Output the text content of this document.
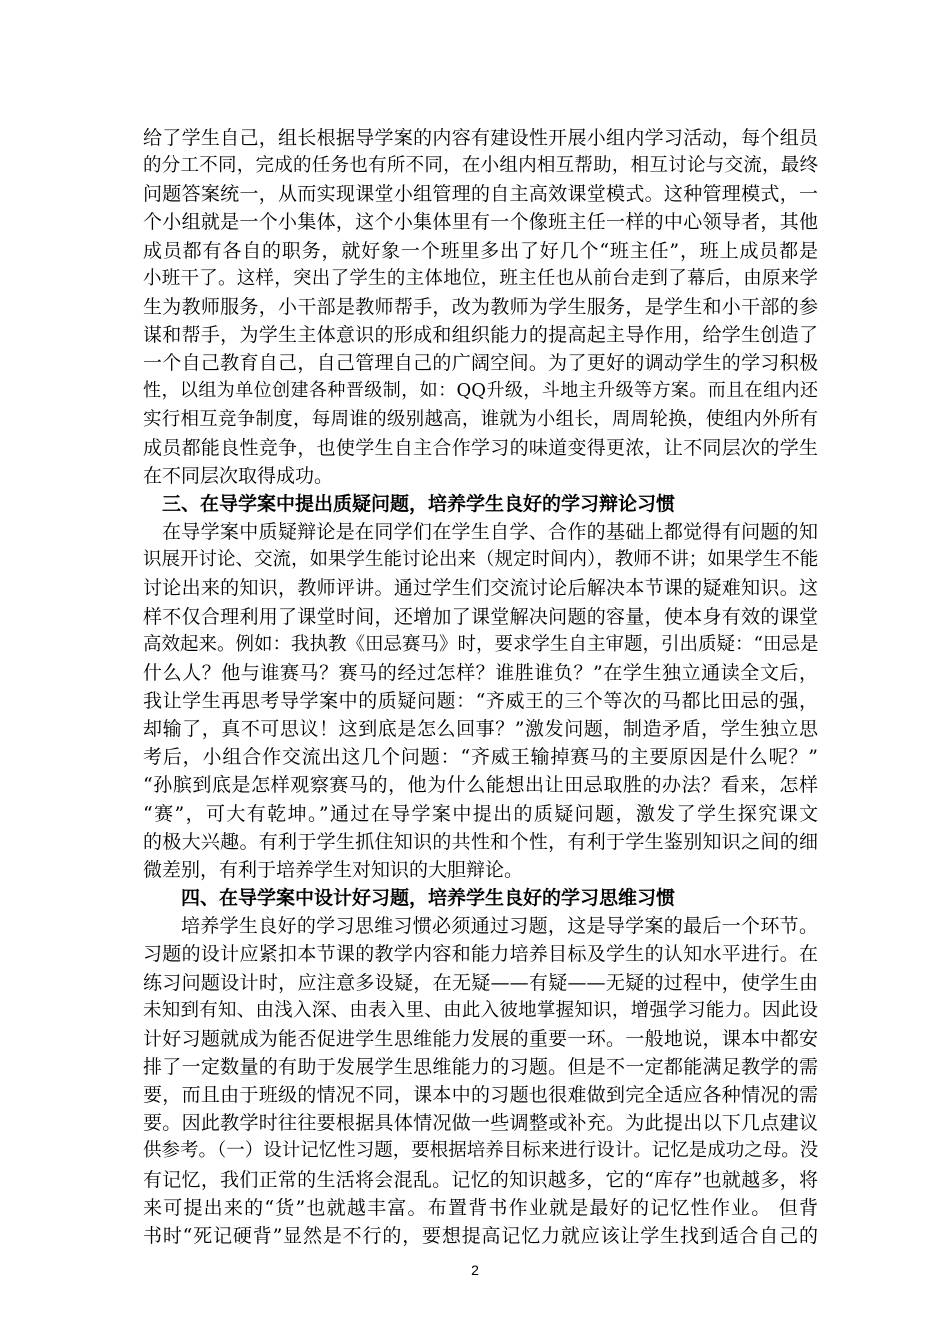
给了学生自己，组长根据导学案的内容有建设性开展小组内学习活动，每个组员
的分工不同，完成的任务也有所不同，在小组内相互帮助，相互讨论与交流，最终
问题答案统一，从而实现课堂小组管理的自主高效课堂模式。这种管理模式，一
个小组就是一个小集体，这个小集体里有一个像班主任一样的中心领导者，其他
成员都有各自的职务，就好象一个班里多出了好几个“班主任”，班上成员都是
小班干了。这样，突出了学生的主体地位，班主任也从前台走到了幕后，由原来学
生为教师服务，小干部是教师帮手，改为教师为学生服务，是学生和小干部的参
谋和帮手，为学生主体意识的形成和组织能力的提高起主导作用，给学生创造了
一个自己教育自己，自己管理自己的广阔空间。为了更好的调动学生的学习积极
性，以组为单位创建各种晋级制，如：QQ升级，斗地主升级等方案。而且在组内还
实行相互竞争制度，每周谁的级别越高，谁就为小组长，周周轮换，使组内外所有
成员都能良性竞争，也使学生自主合作学习的味道变得更浓，让不同层次的学生
在不同层次取得成功。
三、在导学案中提出质疑问题，培养学生良好的学习辩论习惯
在导学案中质疑辩论是在同学们在学生自学、合作的基础上都觉得有问题的知
识展开讨论、交流，如果学生能讨论出来（规定时间内），教师不讲；如果学生不能
讨论出来的知识，教师评讲。通过学生们交流讨论后解决本节课的疑难知识。这
样不仅合理利用了课堂时间，还增加了课堂解决问题的容量，使本身有效的课堂
高效起来。例如：我执教《田忌赛马》时，要求学生自主审题，引出质疑：“田忌是
什么人？他与谁赛马？赛马的经过怎样？谁胜谁负？”在学生独立通读全文后，
我让学生再思考导学案中的质疑问题：“齐威王的三个等次的马都比田忌的强，
却输了，真不可思议！这到底是怎么回事？”激发问题，制造矛盾，学生独立思
考后，小组合作交流出这几个问题：“齐威王输掉赛马的主要原因是什么呢？”
“孙膑到底是怎样观察赛马的，他为什么能想出让田忌取胜的办法？看来，怎样
“赛”，可大有乾坤。”通过在导学案中提出的质疑问题，激发了学生探究课文
的极大兴趣。有利于学生抓住知识的共性和个性，有利于学生鉴别知识之间的细
微差别，有利于培养学生对知识的大胆辩论。
四、在导学案中设计好习题，培养学生良好的学习思维习惯
培养学生良好的学习思维习惯必须通过习题，这是导学案的最后一个环节。
习题的设计应紧扣本节课的教学内容和能力培养目标及学生的认知水平进行。在
练习问题设计时，应注意多设疑，在无疑——有疑——无疑的过程中，使学生由
未知到有知、由浅入深、由表入里、由此入彼地掌握知识，增强学习能力。因此设
计好习题就成为能否促进学生思维能力发展的重要一环。一般地说，课本中都安
排了一定数量的有助于发展学生思维能力的习题。但是不一定都能满足教学的需
要，而且由于班级的情况不同，课本中的习题也很难做到完全适应各种情况的需
要。因此教学时往往要根据具体情况做一些调整或补充。为此提出以下几点建议
供参考。（一）设计记忆性习题，要根据培养目标来进行设计。记忆是成功之母。没
有记忆，我们正常的生活将会混乱。记忆的知识越多，它的“库存”也就越多，将
来可提出来的“货”也就越丰富。布置背书作业就是最好的记忆性作业。 但背
书时“死记硬背”显然是不行的，要想提高记忆力就应该让学生找到适合自己的
2
